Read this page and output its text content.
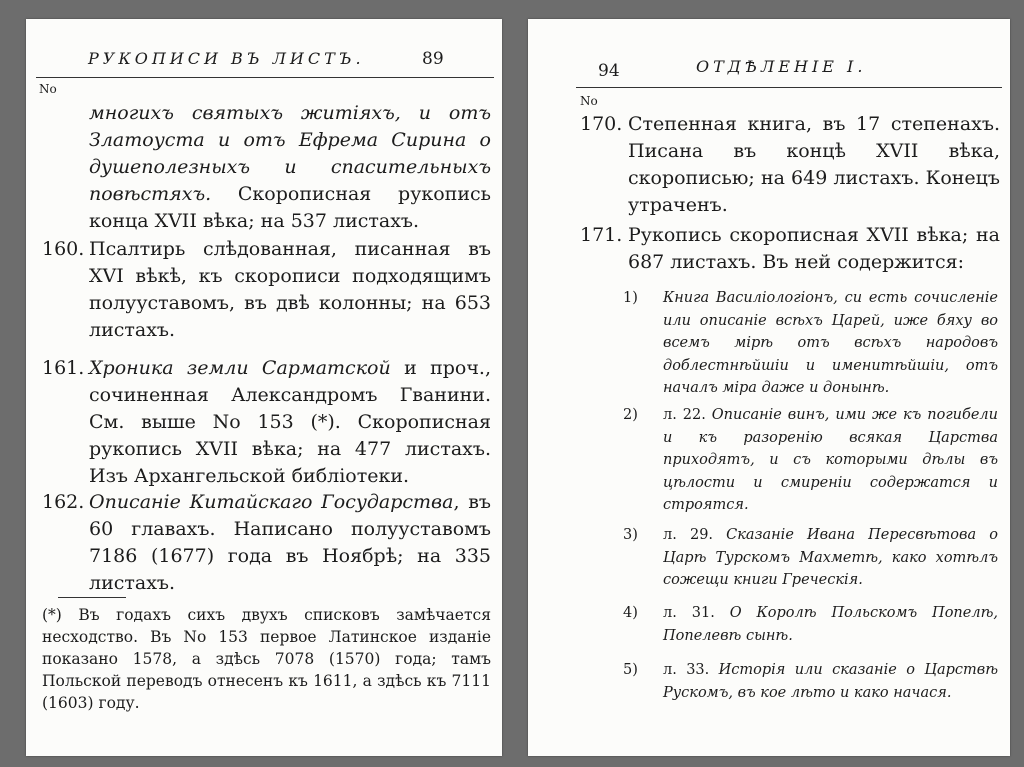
РУКОПИСИ ВЪ ЛИСТЪ.	89
No
многихъ святыхъ житіяхъ, и отъ Златоуста и отъ Ефрема Сирина о душеполезныхъ и спасительныхъ повѣстяхъ. Скорописная рукопись конца XVII вѣка; на 537 листахъ.
160. Псалтирь слѣдованная, писанная въ XVI вѣкѣ, къ скорописи подходящимъ полууставомъ, въ двѣ колонны; на 653 листахъ.
161. Хроника земли Сарматской и проч., сочиненная Александромъ Гванини. См. выше No 153 (*). Скорописная рукопись XVII вѣка; на 477 листахъ. Изъ Архангельской библіотеки.
162. Описаніе Китайскаго Государства, въ 60 главахъ. Написано полууставомъ 7186 (1677) года въ Ноябрѣ; на 335 листахъ.
(*) Въ годахъ сихъ двухъ списковъ замѣчается несходство. Въ No 153 первое Латинское изданіе показано 1578, а здѣсь 7078 (1570) года; тамъ Польской переводъ отнесенъ къ 1611, а здѣсь къ 7111 (1603) году.
94	ОТДѢЛЕНІЕ I.
No
170. Степенная книга, въ 17 степенахъ. Писана въ концѣ XVII вѣка, скорописью; на 649 листахъ. Конецъ утраченъ.
171. Рукопись скорописная XVII вѣка; на 687 листахъ. Въ ней содержится:
1) Книга Василіологіонъ, си есть сочисленіе или описаніе всѣхъ Царей, иже бяху во всемъ мірѣ отъ всѣхъ народовъ доблестнѣйшіи и именитѣйшіи, отъ началъ міра даже и донынѣ.
2) л. 22. Описаніе винъ, ими же къ погибели и къ разоренію всякая Царства приходятъ, и съ которыми дѣлы въ цѣлости и смиреніи содержатся и строятся.
3) л. 29. Сказаніе Ивана Пересвѣтова о Царѣ Турскомъ Махметѣ, како хотѣлъ сожещи книги Греческія.
4) л. 31. О Королѣ Польскомъ Попелѣ, Попелевѣ сынѣ.
5) л. 33. Исторія или сказаніе о Царствѣ Рускомъ, въ кое лѣто и како начася.
